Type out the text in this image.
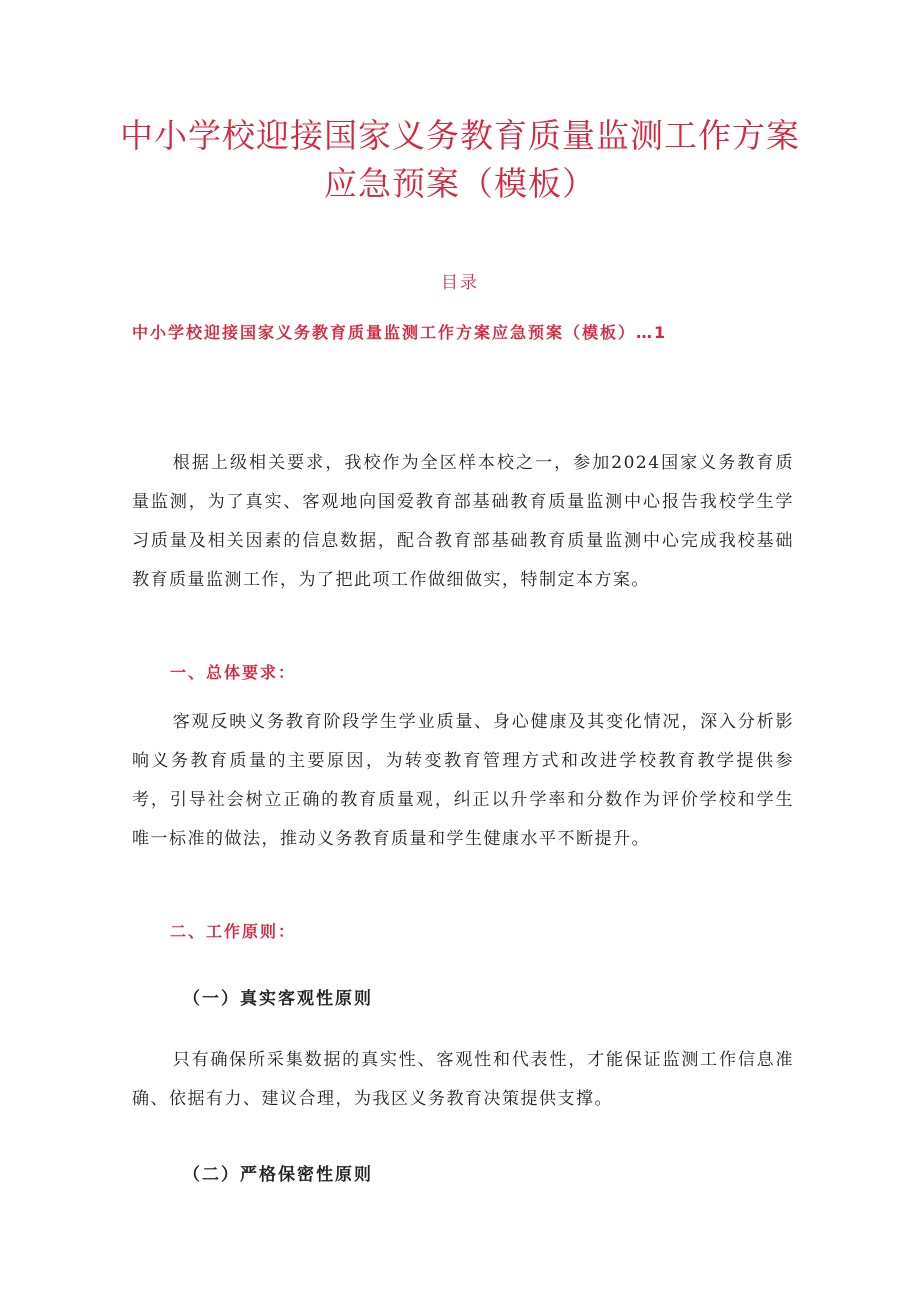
中小学校迎接国家义务教育质量监测工作方案
应急预案（模板）
目录
中小学校迎接国家义务教育质量监测工作方案应急预案（模板）…1

根据上级相关要求，我校作为全区样本校之一，参加2024国家义务教育质量监测，为了真实、客观地向国爱教育部基础教育质量监测中心报告我校学生学习质量及相关因素的信息数据，配合教育部基础教育质量监测中心完成我校基础教育质量监测工作，为了把此项工作做细做实，特制定本方案。

一、总体要求：

客观反映义务教育阶段学生学业质量、身心健康及其变化情况，深入分析影响义务教育质量的主要原因，为转变教育管理方式和改进学校教育教学提供参考，引导社会树立正确的教育质量观，纠正以升学率和分数作为评价学校和学生唯一标准的做法，推动义务教育质量和学生健康水平不断提升。

二、工作原则：
（一）真实客观性原则

只有确保所采集数据的真实性、客观性和代表性，才能保证监测工作信息准确、依据有力、建议合理，为我区义务教育决策提供支撑。

（二）严格保密性原则
